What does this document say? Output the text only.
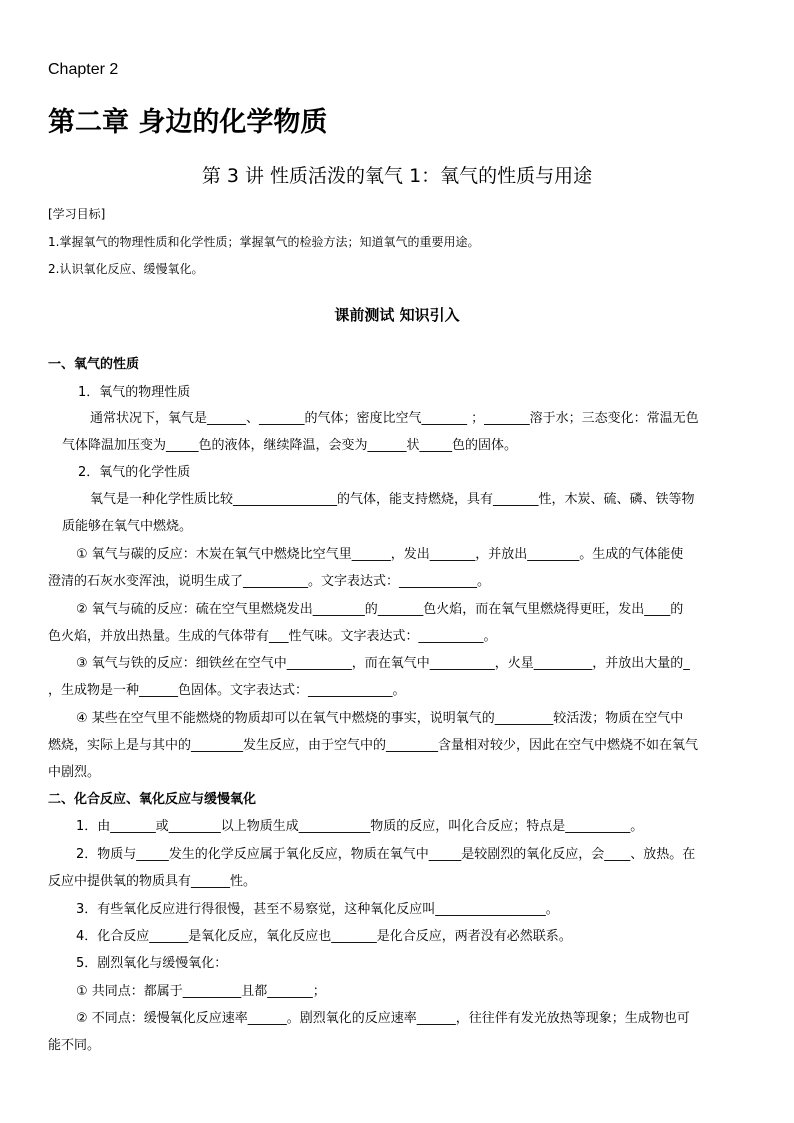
Chapter 2
第二章 身边的化学物质
第 3 讲 性质活泼的氧气 1：氧气的性质与用途
[学习目标]
1.掌握氧气的物理性质和化学性质；掌握氧气的检验方法；知道氧气的重要用途。
2.认识氧化反应、缓慢氧化。
课前测试 知识引入
一、氧气的性质
1．氧气的物理性质
通常状况下，氧气是______、_______的气体；密度比空气_______ ；_______溶于水；三态变化：常温无色
气体降温加压变为_____色的液体，继续降温，会变为______状_____色的固体。
2．氧气的化学性质
氧气是一种化学性质比较________________的气体，能支持燃烧，具有_______性，木炭、硫、磷、铁等物
质能够在氧气中燃烧。
① 氧气与碳的反应：木炭在氧气中燃烧比空气里______，发出_______，并放出________。生成的气体能使
澄清的石灰水变浑浊，说明生成了__________。文字表达式：____________。
② 氧气与硫的反应：硫在空气里燃烧发出________的_______色火焰，而在氧气里燃烧得更旺，发出____的
色火焰，并放出热量。生成的气体带有___性气味。文字表达式：__________。
③ 氧气与铁的反应：细铁丝在空气中__________，而在氧气中__________，火星_________，并放出大量的_
，生成物是一种______色固体。文字表达式：_____________。
④ 某些在空气里不能燃烧的物质却可以在氧气中燃烧的事实，说明氧气的_________较活泼；物质在空气中
燃烧，实际上是与其中的________发生反应，由于空气中的________含量相对较少，因此在空气中燃烧不如在氧气
中剧烈。
二、化合反应、氧化反应与缓慢氧化
1．由_______或________以上物质生成___________物质的反应，叫化合反应；特点是__________。
2．物质与_____发生的化学反应属于氧化反应，物质在氧气中_____是较剧烈的氧化反应，会____、放热。在
反应中提供氧的物质具有______性。
3．有些氧化反应进行得很慢，甚至不易察觉，这种氧化反应叫_________________。
4．化合反应______是氧化反应，氧化反应也_______是化合反应，两者没有必然联系。
5．剧烈氧化与缓慢氧化：
① 共同点：都属于_________且都_______；
② 不同点：缓慢氧化反应速率______。剧烈氧化的反应速率______，往往伴有发光放热等现象；生成物也可
能不同。
